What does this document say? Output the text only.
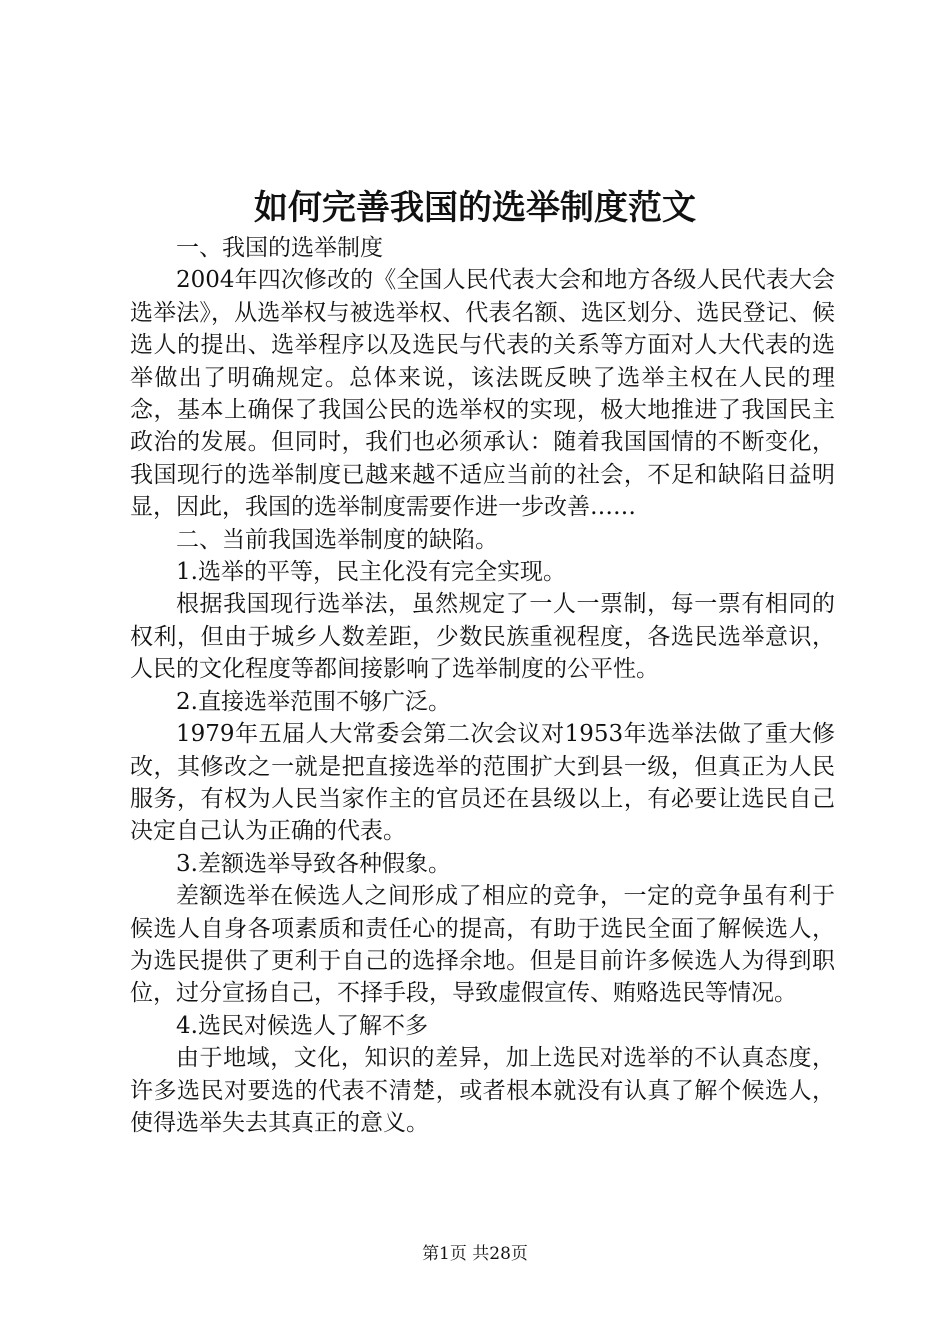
如何完善我国的选举制度范文

一、我国的选举制度

2004年四次修改的《全国人民代表大会和地方各级人民代表大会选举法》，从选举权与被选举权、代表名额、选区划分、选民登记、候选人的提出、选举程序以及选民与代表的关系等方面对人大代表的选举做出了明确规定。总体来说，该法既反映了选举主权在人民的理念，基本上确保了我国公民的选举权的实现，极大地推进了我国民主政治的发展。但同时，我们也必须承认：随着我国国情的不断变化，我国现行的选举制度已越来越不适应当前的社会，不足和缺陷日益明显，因此，我国的选举制度需要作进一步改善……

二、当前我国选举制度的缺陷。

1.选举的平等，民主化没有完全实现。

根据我国现行选举法，虽然规定了一人一票制，每一票有相同的权利，但由于城乡人数差距，少数民族重视程度，各选民选举意识，人民的文化程度等都间接影响了选举制度的公平性。

2.直接选举范围不够广泛。

1979年五届人大常委会第二次会议对1953年选举法做了重大修改，其修改之一就是把直接选举的范围扩大到县一级，但真正为人民服务，有权为人民当家作主的官员还在县级以上，有必要让选民自己决定自己认为正确的代表。

3.差额选举导致各种假象。

差额选举在候选人之间形成了相应的竞争，一定的竞争虽有利于候选人自身各项素质和责任心的提高，有助于选民全面了解候选人，为选民提供了更利于自己的选择余地。但是目前许多候选人为得到职位，过分宣扬自己，不择手段，导致虚假宣传、贿赂选民等情况。

4.选民对候选人了解不多

由于地域，文化，知识的差异，加上选民对选举的不认真态度，许多选民对要选的代表不清楚，或者根本就没有认真了解个候选人，使得选举失去其真正的意义。

第1页 共28页
